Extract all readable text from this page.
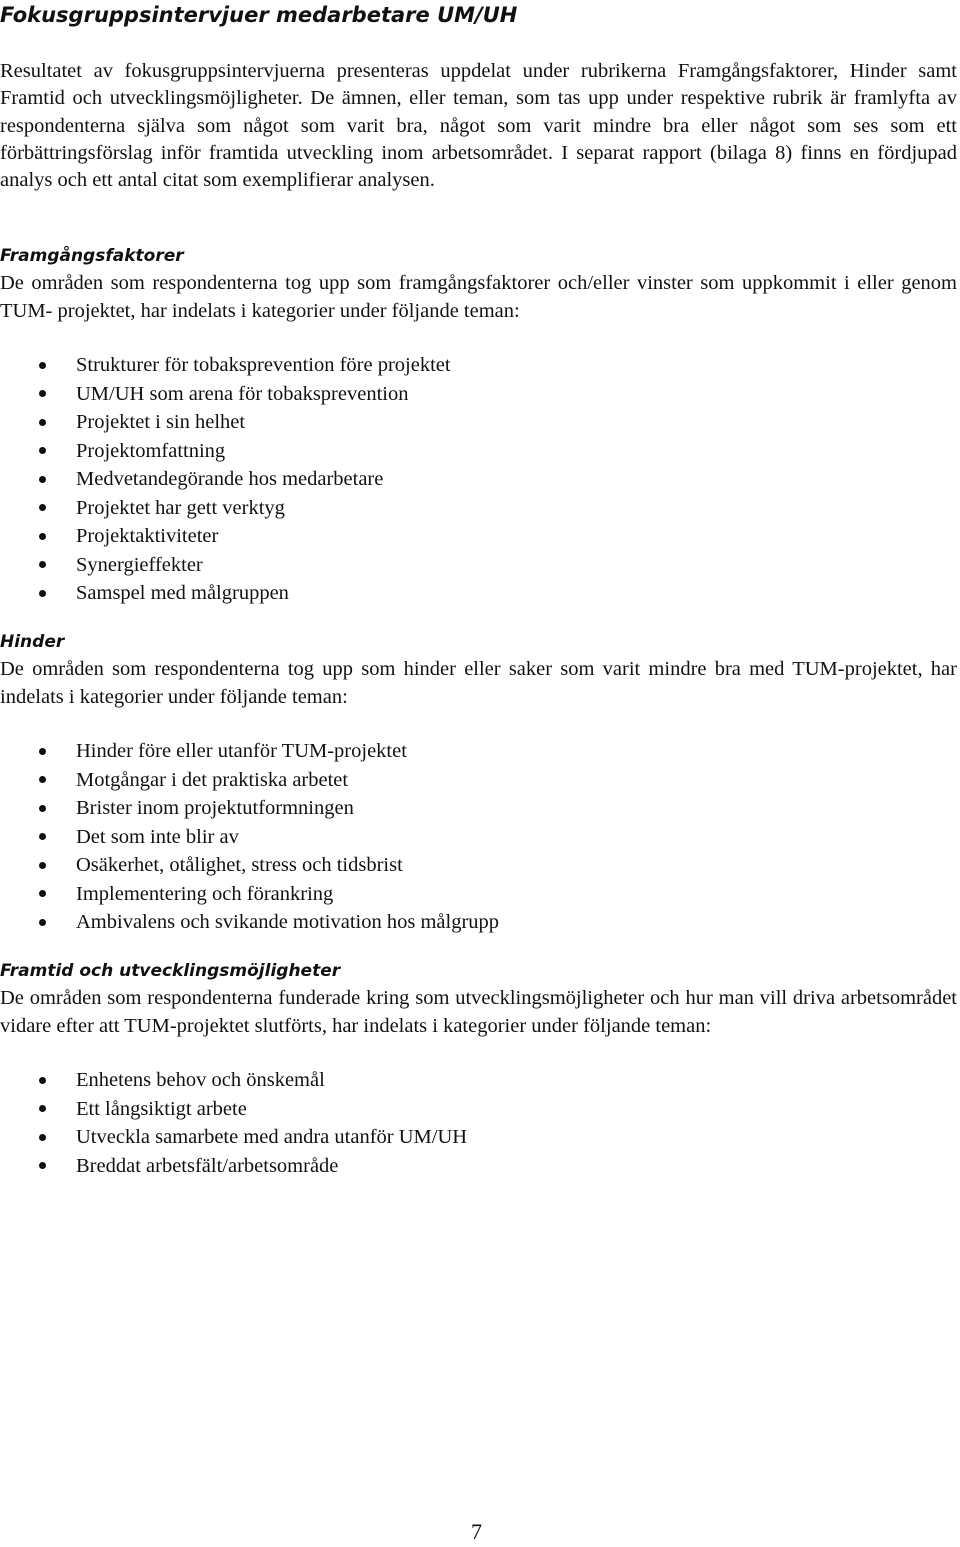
Fokusgruppsintervjuer medarbetare UM/UH

Resultatet av fokusgruppsintervjuerna presenteras uppdelat under rubrikerna Framgångsfaktorer, Hinder samt Framtid och utvecklingsmöjligheter. De ämnen, eller teman, som tas upp under respektive rubrik är framlyfta av respondenterna själva som något som varit bra, något som varit mindre bra eller något som ses som ett förbättringsförslag inför framtida utveckling inom arbetsområdet. I separat rapport (bilaga 8) finns en fördjupad analys och ett antal citat som exemplifierar analysen.

Framgångsfaktorer

De områden som respondenterna tog upp som framgångsfaktorer och/eller vinster som uppkommit i eller genom TUM- projektet, har indelats i kategorier under följande teman:

Strukturer för tobaksprevention före projektet
UM/UH som arena för tobaksprevention
Projektet i sin helhet
Projektomfattning
Medvetandegörande hos medarbetare
Projektet har gett verktyg
Projektaktiviteter
Synergieffekter
Samspel med målgruppen
Hinder

De områden som respondenterna tog upp som hinder eller saker som varit mindre bra med TUM-projektet, har indelats i kategorier under följande teman:

Hinder före eller utanför TUM-projektet
Motgångar i det praktiska arbetet
Brister inom projektutformningen
Det som inte blir av
Osäkerhet, otålighet, stress och tidsbrist
Implementering och förankring
Ambivalens och svikande motivation hos målgrupp
Framtid och utvecklingsmöjligheter

De områden som respondenterna funderade kring som utvecklingsmöjligheter och hur man vill driva arbetsområdet vidare efter att TUM-projektet slutförts, har indelats i kategorier under följande teman:

Enhetens behov och önskemål
Ett långsiktigt arbete
Utveckla samarbete med andra utanför UM/UH
Breddat arbetsfält/arbetsområde
7
